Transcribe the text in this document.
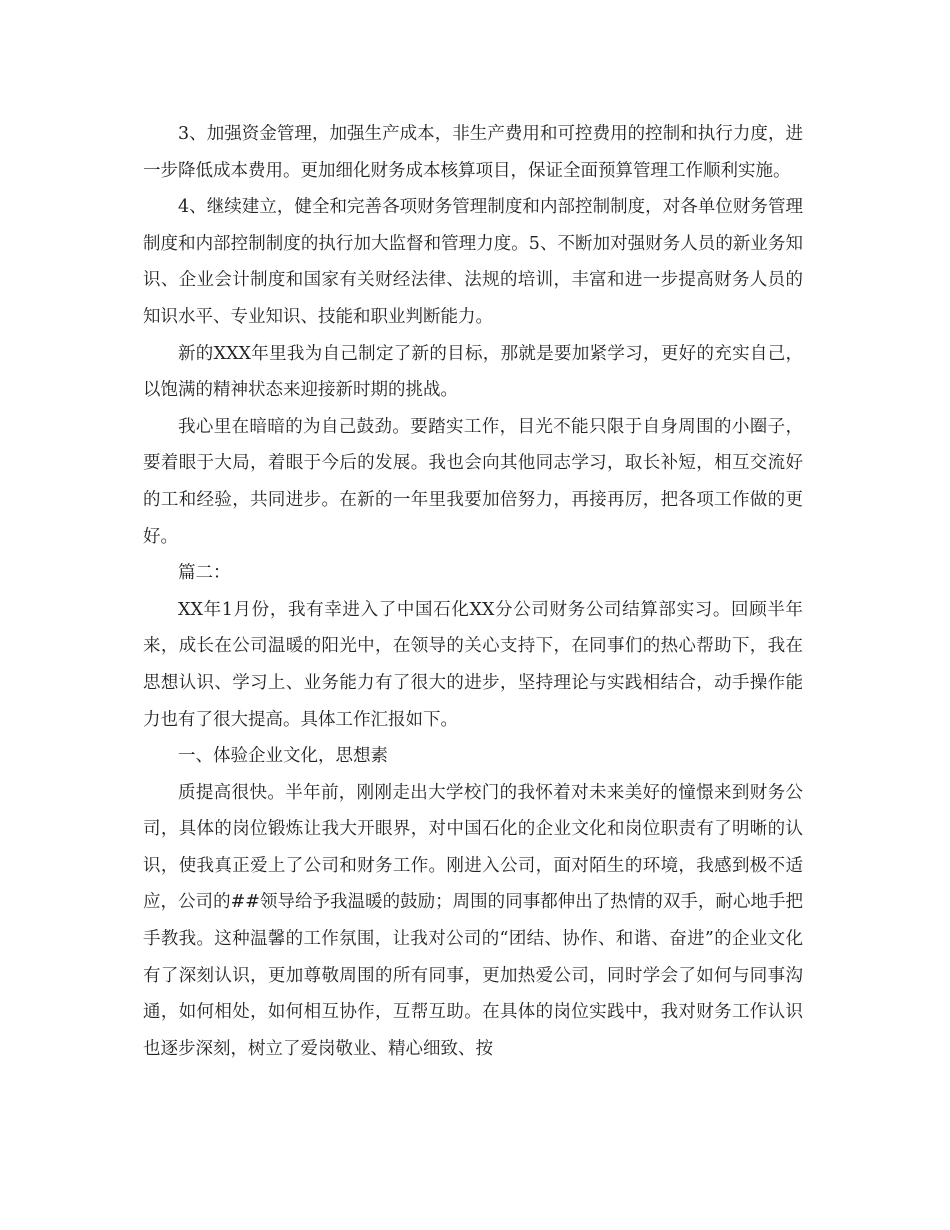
3、加强资金管理，加强生产成本，非生产费用和可控费用的控制和执行力度，进一步降低成本费用。更加细化财务成本核算项目，保证全面预算管理工作顺利实施。

4、继续建立，健全和完善各项财务管理制度和内部控制制度，对各单位财务管理制度和内部控制制度的执行加大监督和管理力度。5、不断加对强财务人员的新业务知识、企业会计制度和国家有关财经法律、法规的培训，丰富和进一步提高财务人员的知识水平、专业知识、技能和职业判断能力。

新的XXX年里我为自己制定了新的目标，那就是要加紧学习，更好的充实自己，以饱满的精神状态来迎接新时期的挑战。

我心里在暗暗的为自己鼓劲。要踏实工作，目光不能只限于自身周围的小圈子，要着眼于大局，着眼于今后的发展。我也会向其他同志学习，取长补短，相互交流好的工和经验，共同进步。在新的一年里我要加倍努力，再接再厉，把各项工作做的更好。

篇二：

XX年1月份，我有幸进入了中国石化XX分公司财务公司结算部实习。回顾半年来，成长在公司温暖的阳光中，在领导的关心支持下，在同事们的热心帮助下，我在思想认识、学习上、业务能力有了很大的进步，坚持理论与实践相结合，动手操作能力也有了很大提高。具体工作汇报如下。

一、体验企业文化，思想素

质提高很快。半年前，刚刚走出大学校门的我怀着对未来美好的憧憬来到财务公司，具体的岗位锻炼让我大开眼界，对中国石化的企业文化和岗位职责有了明晰的认识，使我真正爱上了公司和财务工作。刚进入公司，面对陌生的环境，我感到极不适应，公司的##领导给予我温暖的鼓励；周围的同事都伸出了热情的双手，耐心地手把手教我。这种温馨的工作氛围，让我对公司的“团结、协作、和谐、奋进”的企业文化有了深刻认识，更加尊敬周围的所有同事，更加热爱公司，同时学会了如何与同事沟通，如何相处，如何相互协作，互帮互助。在具体的岗位实践中，我对财务工作认识也逐步深刻，树立了爱岗敬业、精心细致、按
